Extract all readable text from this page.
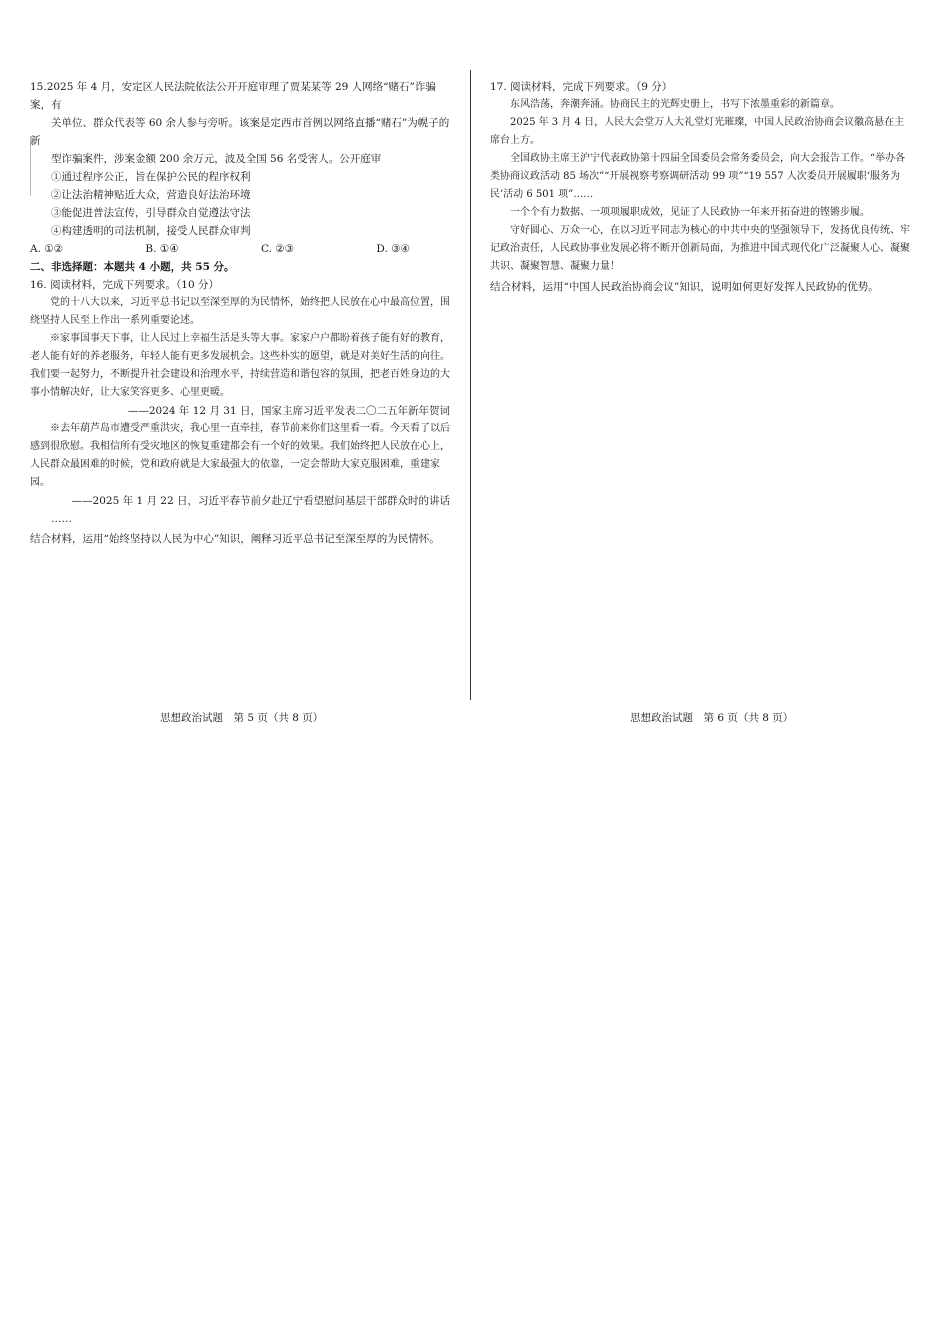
15.2025 年 4 月，安定区人民法院依法公开开庭审理了贾某某等 29 人网络“赌石”诈骗案，有

关单位、群众代表等 60 余人参与旁听。该案是定西市首例以网络直播“赌石”为幌子的新

型诈骗案件，涉案金额 200 余万元，波及全国 56 名受害人。公开庭审

①通过程序公正，旨在保护公民的程序权利

②让法治精神贴近大众，营造良好法治环境

③能促进普法宣传，引导群众自觉遵法守法

④构建透明的司法机制，接受人民群众审判

A. ①②	B. ①④	C. ②③	D. ③④

二、非选择题：本题共 4 小题，共 55 分。

16. 阅读材料，完成下列要求。（10 分）

党的十八大以来，习近平总书记以至深至厚的为民情怀，始终把人民放在心中最高位置，围绕坚持人民至上作出一系列重要论述。

※家事国事天下事，让人民过上幸福生活是头等大事。家家户户都盼着孩子能有好的教育，老人能有好的养老服务，年轻人能有更多发展机会。这些朴实的愿望，就是对美好生活的向往。我们要一起努力，不断提升社会建设和治理水平，持续营造和谐包容的氛围，把老百姓身边的大事小情解决好，让大家笑容更多、心里更暖。

——2024 年 12 月 31 日，国家主席习近平发表二〇二五年新年贺词

※去年葫芦岛市遭受严重洪灾，我心里一直牵挂，春节前来你们这里看一看。今天看了以后感到很欣慰。我相信所有受灾地区的恢复重建都会有一个好的效果。我们始终把人民放在心上，人民群众最困难的时候，党和政府就是大家最强大的依靠，一定会帮助大家克服困难，重建家园。

——2025 年 1 月 22 日，习近平春节前夕赴辽宁看望慰问基层干部群众时的讲话

……

结合材料，运用“始终坚持以人民为中心”知识，阐释习近平总书记至深至厚的为民情怀。

17. 阅读材料，完成下列要求。（9 分）

东风浩荡，奔潮奔涌。协商民主的光辉史册上，书写下浓墨重彩的新篇章。

2025 年 3 月 4 日，人民大会堂万人大礼堂灯光璀璨，中国人民政治协商会议徽高悬在主席台上方。

全国政协主席王沪宁代表政协第十四届全国委员会常务委员会，向大会报告工作。“举办各类协商议政活动 85 场次”“开展视察考察调研活动 99 项”“19 557 人次委员开展履职‘服务为民’活动 6 501 项”……

一个个有力数据、一项项履职成效，见证了人民政协一年来开拓奋进的铿锵步履。

守好圆心、万众一心，在以习近平同志为核心的中共中央的坚强领导下，发扬优良传统、牢记政治责任，人民政协事业发展必将不断开创新局面，为推进中国式现代化广泛凝聚人心、凝聚共识、凝聚智慧、凝聚力量！

结合材料，运用“中国人民政治协商会议”知识，说明如何更好发挥人民政协的优势。

思想政治试题　第 5 页（共 8 页）	思想政治试题　第 6 页（共 8 页）
